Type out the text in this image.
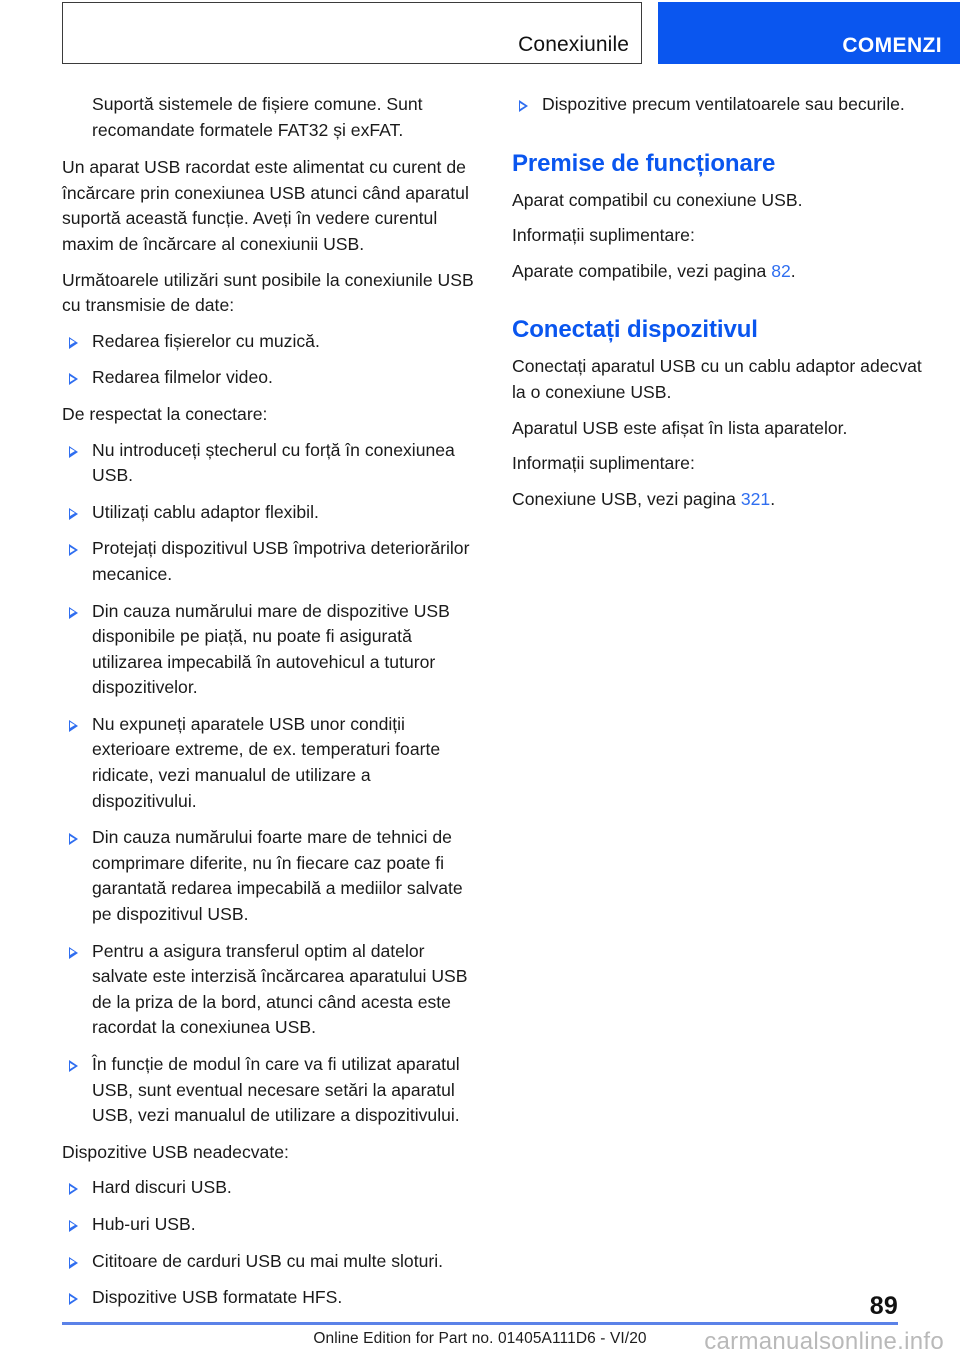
Conexiunile	COMENZI

Suportă sistemele de fișiere comune. Sunt recomandate formatele FAT32 și exFAT.

Un aparat USB racordat este alimentat cu curent de încărcare prin conexiunea USB atunci când aparatul suportă această funcție. Aveți în vedere curentul maxim de încărcare al conexiunii USB.

Următoarele utilizări sunt posibile la conexiunile USB cu transmisie de date:

Redarea fișierelor cu muzică.
Redarea filmelor video.

De respectat la conectare:

Nu introduceți ștecherul cu forță în conexiunea USB.
Utilizați cablu adaptor flexibil.
Protejați dispozitivul USB împotriva deteriorărilor mecanice.
Din cauza numărului mare de dispozitive USB disponibile pe piață, nu poate fi asigurată utilizarea impecabilă în autovehicul a tuturor dispozitivelor.
Nu expuneți aparatele USB unor condiții exterioare extreme, de ex. temperaturi foarte ridicate, vezi manualul de utilizare a dispozitivului.
Din cauza numărului foarte mare de tehnici de comprimare diferite, nu în fiecare caz poate fi garantată redarea impecabilă a mediilor salvate pe dispozitivul USB.
Pentru a asigura transferul optim al datelor salvate este interzisă încărcarea aparatului USB de la priza de la bord, atunci când acesta este racordat la conexiunea USB.
În funcție de modul în care va fi utilizat aparatul USB, sunt eventual necesare setări la aparatul USB, vezi manualul de utilizare a dispozitivului.

Dispozitive USB neadecvate:

Hard discuri USB.
Hub-uri USB.
Cititoare de carduri USB cu mai multe sloturi.
Dispozitive USB formatate HFS.
Dispozitive precum ventilatoarele sau becurile.
Premise de funcționare

Aparat compatibil cu conexiune USB.

Informații suplimentare:

Aparate compatibile, vezi pagina 82.

Conectați dispozitivul

Conectați aparatul USB cu un cablu adaptor adecvat la o conexiune USB.

Aparatul USB este afișat în lista aparatelor.

Informații suplimentare:

Conexiune USB, vezi pagina 321.

89
Online Edition for Part no. 01405A111D6 - VI/20	carmanualsonline.info
